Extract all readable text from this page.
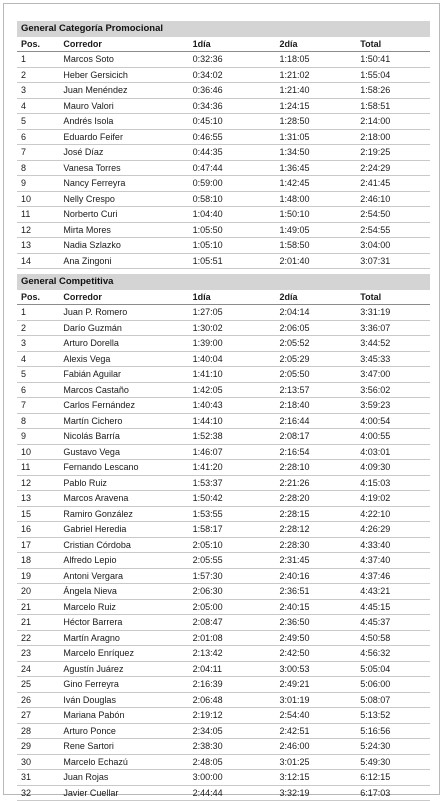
General Categoría Promocional
Pos.	Corredor	1día	2día	Total
1	Marcos Soto	0:32:36	1:18:05	1:50:41
2	Heber Gersicich	0:34:02	1:21:02	1:55:04
3	Juan Menéndez	0:36:46	1:21:40	1:58:26
4	Mauro Valori	0:34:36	1:24:15	1:58:51
5	Andrés Isola	0:45:10	1:28:50	2:14:00
6	Eduardo Feifer	0:46:55	1:31:05	2:18:00
7	José Díaz	0:44:35	1:34:50	2:19:25
8	Vanesa Torres	0:47:44	1:36:45	2:24:29
9	Nancy Ferreyra	0:59:00	1:42:45	2:41:45
10	Nelly Crespo	0:58:10	1:48:00	2:46:10
11	Norberto Curi	1:04:40	1:50:10	2:54:50
12	Mirta Mores	1:05:50	1:49:05	2:54:55
13	Nadia Szlazko	1:05:10	1:58:50	3:04:00
14	Ana Zingoni	1:05:51	2:01:40	3:07:31
General Competitiva
Pos.	Corredor	1día	2día	Total
1	Juan P. Romero	1:27:05	2:04:14	3:31:19
2	Darío Guzmán	1:30:02	2:06:05	3:36:07
3	Arturo Dorella	1:39:00	2:05:52	3:44:52
4	Alexis Vega	1:40:04	2:05:29	3:45:33
5	Fabián Aguilar	1:41:10	2:05:50	3:47:00
6	Marcos Castaño	1:42:05	2:13:57	3:56:02
7	Carlos Fernández	1:40:43	2:18:40	3:59:23
8	Martín Cichero	1:44:10	2:16:44	4:00:54
9	Nicolás Barría	1:52:38	2:08:17	4:00:55
10	Gustavo Vega	1:46:07	2:16:54	4:03:01
11	Fernando Lescano	1:41:20	2:28:10	4:09:30
12	Pablo Ruiz	1:53:37	2:21:26	4:15:03
13	Marcos Aravena	1:50:42	2:28:20	4:19:02
15	Ramiro González	1:53:55	2:28:15	4:22:10
16	Gabriel Heredia	1:58:17	2:28:12	4:26:29
17	Cristian Córdoba	2:05:10	2:28:30	4:33:40
18	Alfredo Lepio	2:05:55	2:31:45	4:37:40
19	Antoni Vergara	1:57:30	2:40:16	4:37:46
20	Ángela Nieva	2:06:30	2:36:51	4:43:21
21	Marcelo Ruiz	2:05:00	2:40:15	4:45:15
21	Héctor Barrera	2:08:47	2:36:50	4:45:37
22	Martín Aragno	2:01:08	2:49:50	4:50:58
23	Marcelo Enríquez	2:13:42	2:42:50	4:56:32
24	Agustín Juárez	2:04:11	3:00:53	5:05:04
25	Gino Ferreyra	2:16:39	2:49:21	5:06:00
26	Iván Douglas	2:06:48	3:01:19	5:08:07
27	Mariana Pabón	2:19:12	2:54:40	5:13:52
28	Arturo Ponce	2:34:05	2:42:51	5:16:56
29	Rene Sartori	2:38:30	2:46:00	5:24:30
30	Marcelo Echazú	2:48:05	3:01:25	5:49:30
31	Juan Rojas	3:00:00	3:12:15	6:12:15
32	Javier Cuellar	2:44:44	3:32:19	6:17:03
